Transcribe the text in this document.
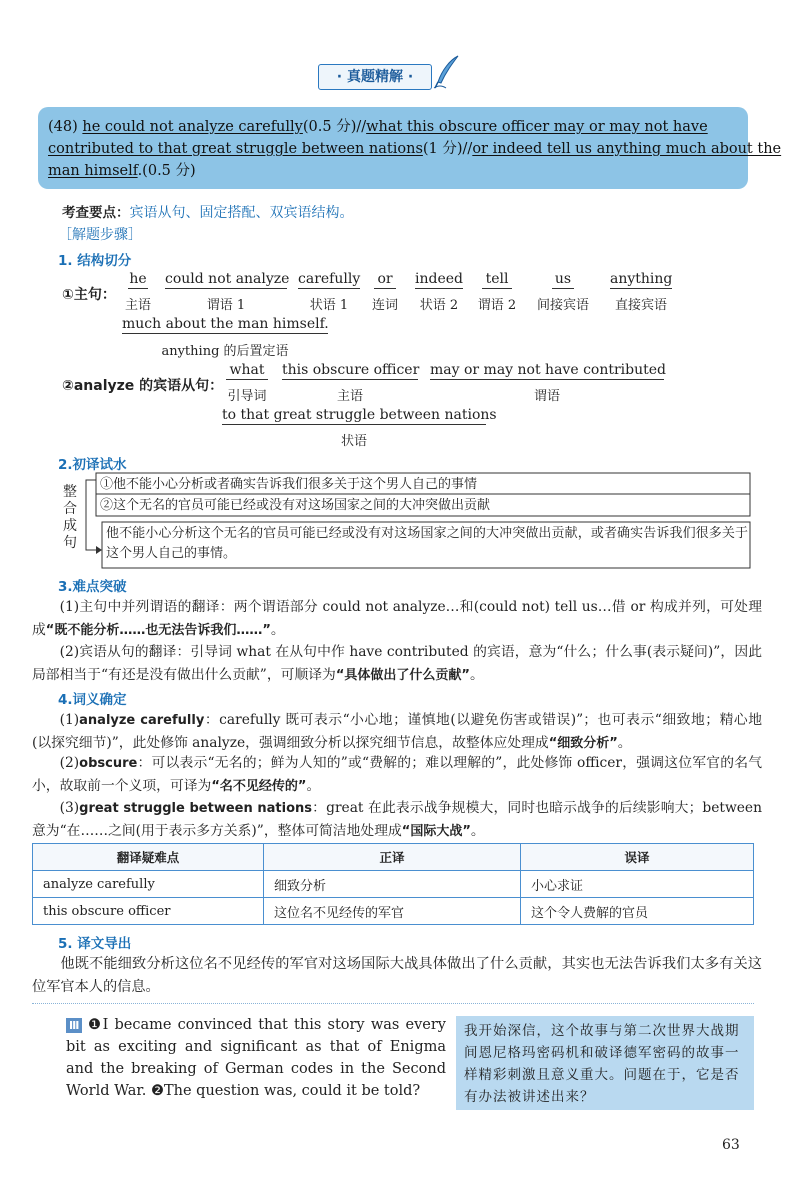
· 真题精解 ·
(48) he could not analyze carefully(0.5 分)//what this obscure officer may or may not have
contributed to that great struggle between nations(1 分)//or indeed tell us anything much about the
man himself.(0.5 分)
考查要点：宾语从句、固定搭配、双宾语结构。
［解题步骤］
1. 结构切分
①主句：
he
主语
could not analyze
谓语 1
carefully
状语 1
or
连词
indeed
状语 2
tell
谓语 2
us
间接宾语
anything
直接宾语
much about the man himself.
anything 的后置定语
②analyze 的宾语从句：
what
引导词
this obscure officer
主语
may or may not have contributed
谓语
to that great struggle between nations
状语
2.初译试水
整
合
成
句
①他不能小心分析或者确实告诉我们很多关于这个男人自己的事情
②这个无名的官员可能已经或没有对这场国家之间的大冲突做出贡献
他不能小心分析这个无名的官员可能已经或没有对这场国家之间的大冲突做出贡献，或者确实告诉我们很多关于这个男人自己的事情。
3.难点突破
(1)主句中并列谓语的翻译：两个谓语部分 could not analyze…和(could not) tell us…借 or 构成并列，可处理成“既不能分析……也无法告诉我们……”。
(2)宾语从句的翻译：引导词 what 在从句中作 have contributed 的宾语，意为“什么；什么事(表示疑问)”，因此局部相当于“有还是没有做出什么贡献”，可顺译为“具体做出了什么贡献”。
4.词义确定
(1)analyze carefully：carefully 既可表示“小心地；谨慎地(以避免伤害或错误)”；也可表示“细致地；精心地(以探究细节)”，此处修饰 analyze，强调细致分析以探究细节信息，故整体应处理成“细致分析”。
(2)obscure：可以表示“无名的；鲜为人知的”或“费解的；难以理解的”，此处修饰 officer，强调这位军官的名气小，故取前一个义项，可译为“名不见经传的”。
(3)great struggle between nations：great 在此表示战争规模大，同时也暗示战争的后续影响大；between 意为“在……之间(用于表示多方关系)”，整体可简洁地处理成“国际大战”。
翻译疑难点	正译	误译
analyze carefully	细致分析	小心求证
this obscure officer	这位名不见经传的军官	这个令人费解的官员
5. 译文导出
他既不能细致分析这位名不见经传的军官对这场国际大战具体做出了什么贡献，其实也无法告诉我们太多有关这位军官本人的信息。
Ⅲ ❶I became convinced that this story was every bit as exciting and significant as that of Enigma and the breaking of German codes in the Second World War. ❷The question was, could it be told?
我开始深信，这个故事与第二次世界大战期间恩尼格玛密码机和破译德军密码的故事一样精彩刺激且意义重大。问题在于，它是否有办法被讲述出来？
63
